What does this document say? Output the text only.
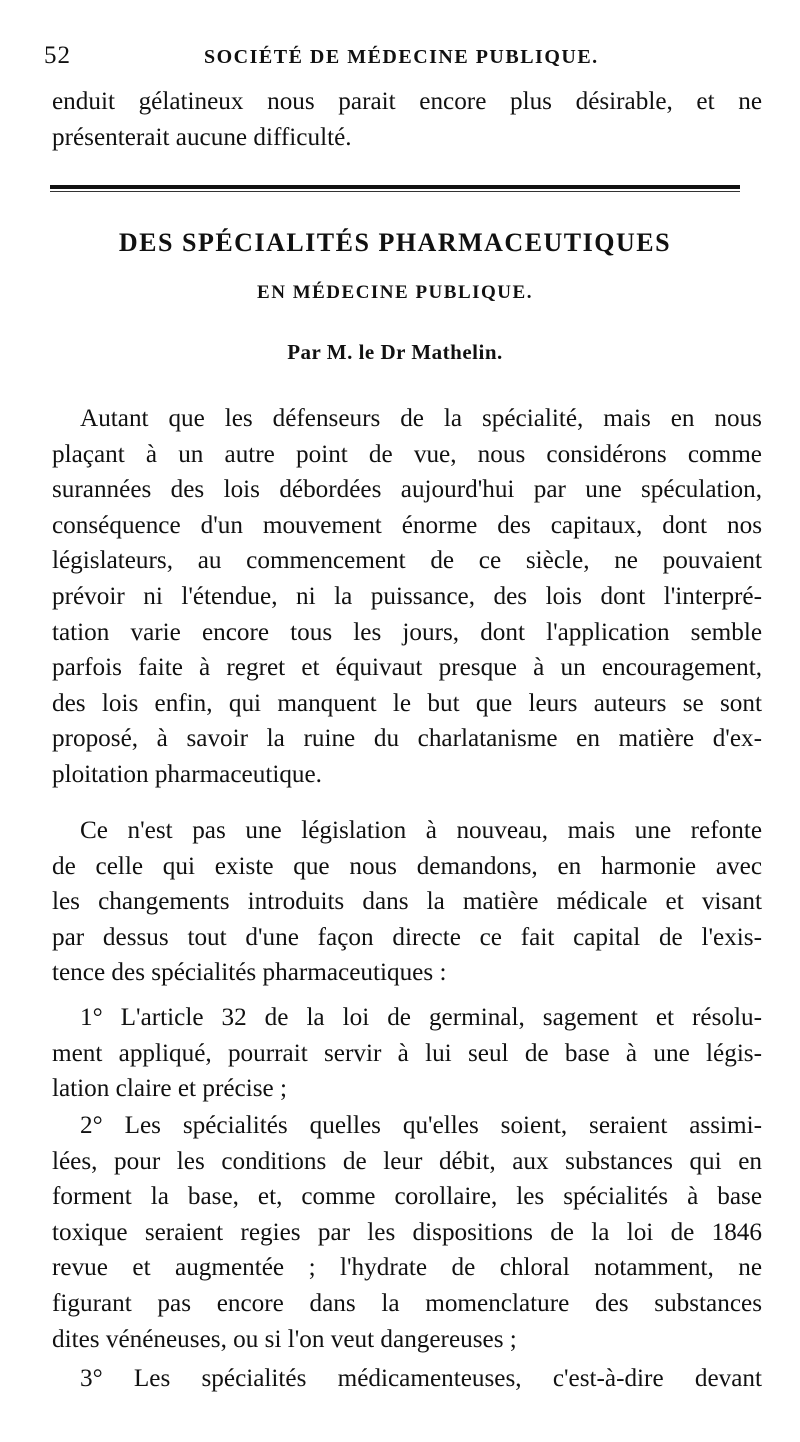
52	SOCIÉTÉ DE MÉDECINE PUBLIQUE.
enduit gélatineux nous parait encore plus désirable, et ne
présenterait aucune difficulté.
DES SPÉCIALITÉS PHARMACEUTIQUES
EN MÉDECINE PUBLIQUE.
Par M. le Dr Mathelin.
Autant que les défenseurs de la spécialité, mais en nous
plaçant à un autre point de vue, nous considérons comme
surannées des lois débordées aujourd'hui par une spéculation,
conséquence d'un mouvement énorme des capitaux, dont nos
législateurs, au commencement de ce siècle, ne pouvaient
prévoir ni l'étendue, ni la puissance, des lois dont l'interpré-
tation varie encore tous les jours, dont l'application semble
parfois faite à regret et équivaut presque à un encouragement,
des lois enfin, qui manquent le but que leurs auteurs se sont
proposé, à savoir la ruine du charlatanisme en matière d'ex-
ploitation pharmaceutique.
Ce n'est pas une législation à nouveau, mais une refonte
de celle qui existe que nous demandons, en harmonie avec
les changements introduits dans la matière médicale et visant
par dessus tout d'une façon directe ce fait capital de l'exis-
tence des spécialités pharmaceutiques :
1° L'article 32 de la loi de germinal, sagement et résolu-
ment appliqué, pourrait servir à lui seul de base à une légis-
lation claire et précise ;
2° Les spécialités quelles qu'elles soient, seraient assimi-
lées, pour les conditions de leur débit, aux substances qui en
forment la base, et, comme corollaire, les spécialités à base
toxique seraient regies par les dispositions de la loi de 1846
revue et augmentée ; l'hydrate de chloral notamment, ne
figurant pas encore dans la momenclature des substances
dites vénéneuses, ou si l'on veut dangereuses ;
3° Les spécialités médicamenteuses, c'est-à-dire devant
